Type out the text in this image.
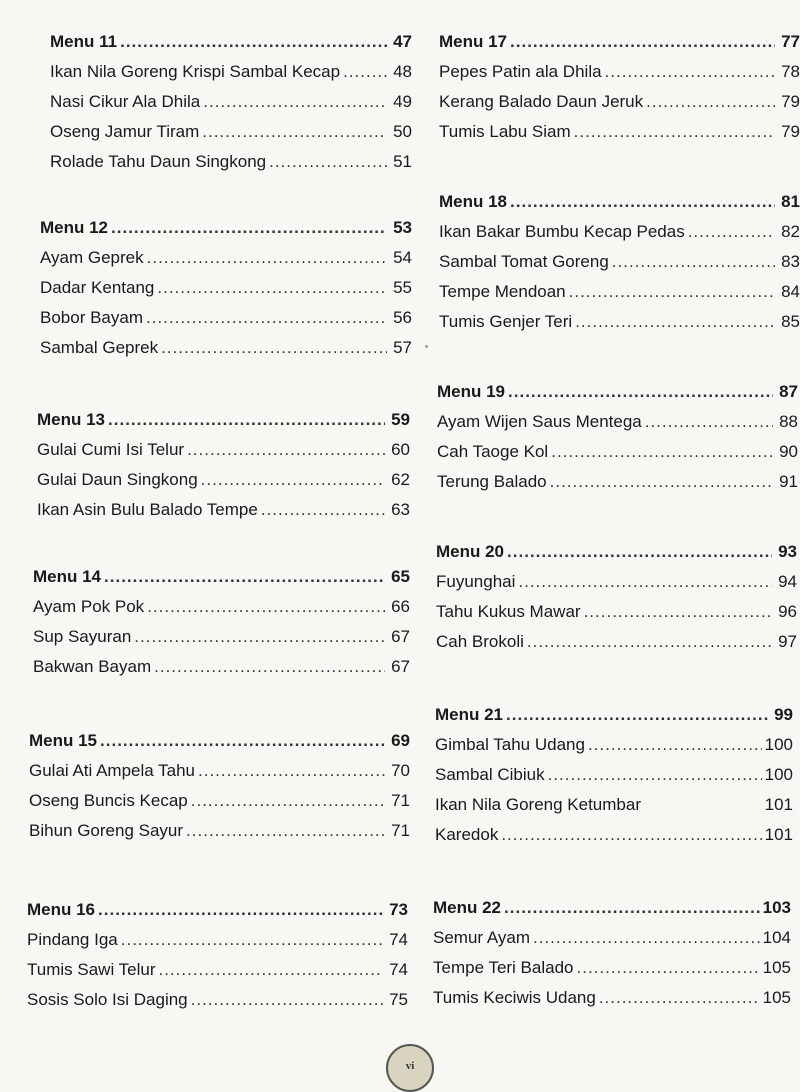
Menu 11 .....	47
Ikan Nila Goreng Krispi Sambal Kecap .....	48
Nasi Cikur Ala Dhila .....	49
Oseng Jamur Tiram .....	50
Rolade Tahu Daun Singkong .....	51
Menu 12 .....	53
Ayam Geprek .....	54
Dadar Kentang .....	55
Bobor Bayam .....	56
Sambal Geprek .....	57
Menu 13 .....	59
Gulai Cumi Isi Telur .....	60
Gulai Daun Singkong .....	62
Ikan Asin Bulu Balado Tempe .....	63
Menu 14 .....	65
Ayam Pok Pok .....	66
Sup Sayuran .....	67
Bakwan Bayam .....	67
Menu 15 .....	69
Gulai Ati Ampela Tahu .....	70
Oseng Buncis Kecap .....	71
Bihun Goreng Sayur .....	71
Menu 16 .....	73
Pindang Iga .....	74
Tumis Sawi Telur .....	74
Sosis Solo Isi Daging .....	75
Menu 17 .....	77
Pepes Patin ala Dhila .....	78
Kerang Balado Daun Jeruk .....	79
Tumis Labu Siam .....	79
Menu 18 .....	81
Ikan Bakar Bumbu Kecap Pedas .....	82
Sambal Tomat Goreng .....	83
Tempe Mendoan .....	84
Tumis Genjer Teri .....	85
Menu 19 .....	87
Ayam Wijen Saus Mentega .....	88
Cah Taoge Kol .....	90
Terung Balado .....	91
Menu 20 .....	93
Fuyunghai .....	94
Tahu Kukus Mawar .....	96
Cah Brokoli .....	97
Menu 21 .....	99
Gimbal Tahu Udang .....	100
Sambal Cibiuk .....	100
Ikan Nila Goreng Ketumbar	101
Karedok .....	101
Menu 22 .....	103
Semur Ayam .....	104
Tempe Teri Balado .....	105
Tumis Keciwis Udang .....	105
vi
